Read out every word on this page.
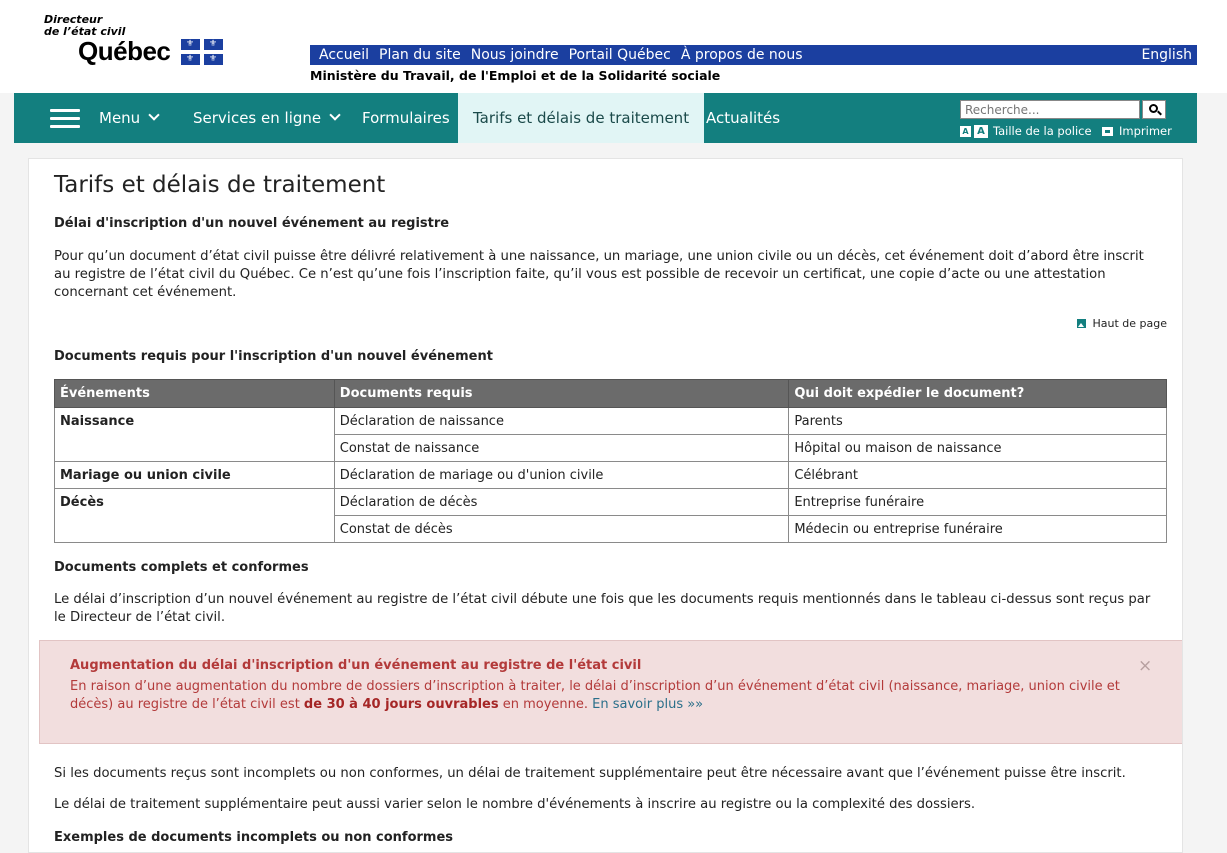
Directeur
de l’état civil
Québec ⚜ ⚜
⚜ ⚜	Accueil Plan du site Nous joindre Portail Québec À propos de nous	English
Ministère du Travail, de l'Emploi et de la Solidarité sociale
Menu	Services en ligne	Formulaires	Tarifs et délais de traitement	Actualités
Recherche...
A A Taille de la police Imprimer
Tarifs et délais de traitement
Délai d'inscription d'un nouvel événement au registre

Pour qu’un document d’état civil puisse être délivré relativement à une naissance, un mariage, une union civile ou un décès, cet événement doit d’abord être inscrit au registre de l’état civil du Québec. Ce n’est qu’une fois l’inscription faite, qu’il vous est possible de recevoir un certificat, une copie d’acte ou une attestation concernant cet événement.

Haut de page
Documents requis pour l'inscription d'un nouvel événement
Événements	Documents requis	Qui doit expédier le document?
Naissance	Déclaration de naissance	Parents
	Constat de naissance	Hôpital ou maison de naissance
Mariage ou union civile	Déclaration de mariage ou d'union civile	Célébrant
Décès	Déclaration de décès	Entreprise funéraire
	Constat de décès	Médecin ou entreprise funéraire
Documents complets et conformes

Le délai d’inscription d’un nouvel événement au registre de l’état civil débute une fois que les documents requis mentionnés dans le tableau ci-dessus sont reçus par le Directeur de l’état civil.

Augmentation du délai d'inscription d'un événement au registre de l'état civil
En raison d’une augmentation du nombre de dossiers d’inscription à traiter, le délai d’inscription d’un événement d’état civil (naissance, mariage, union civile et décès) au registre de l’état civil est de 30 à 40 jours ouvrables en moyenne. En savoir plus »»
×

Si les documents reçus sont incomplets ou non conformes, un délai de traitement supplémentaire peut être nécessaire avant que l’événement puisse être inscrit.

Le délai de traitement supplémentaire peut aussi varier selon le nombre d'événements à inscrire au registre ou la complexité des dossiers.

Exemples de documents incomplets ou non conformes
